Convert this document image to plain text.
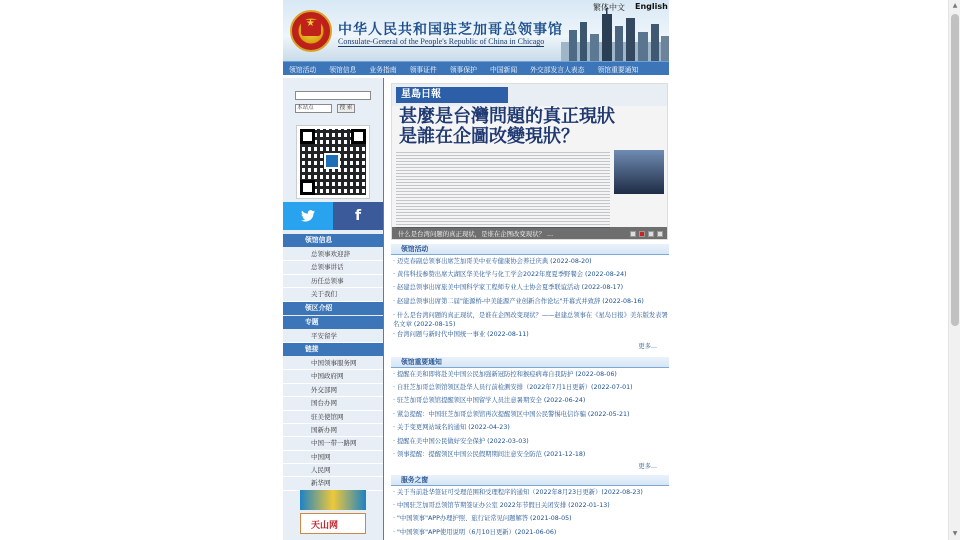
★ 中华人民共和国驻芝加哥总领事馆
Consulate-General of the People's Republic of China in Chicago
繁体中文 English
领馆活动 领馆信息 业务指南 领事证件 领事保护 中国新闻 外交部发言人表态 领馆重要通知
本站点	搜 索
f
领馆信息
总领事欢迎辞
总领事讲话
历任总领事
关于我们
领区介绍
专题
平安留学
链接
中国领事服务网
中国政府网
外交部网
国台办网
驻美使馆网
国新办网
中国一带一路网
中国网
人民网
新华网
天山网
星島日報
甚麼是台灣問題的真正現狀
是誰在企圖改變現狀？
什么是台湾问题的真正现状，是谁在企图改变现状？ ...
领馆活动
· 迈克春副总领事出席芝加哥美中亚专健康协会养迁庆典 (2022-08-20)
· 黄伟科技参赞出席大湖区华美化学与化工学会2022年度夏季野餐会 (2022-08-24)
· 赵建总领事出席旅美中国科学家工程师专业人士协会夏季联谊活动 (2022-08-17)
· 赵建总领事出席第二届"能源桥-中美能源产业创新合作论坛"开幕式并致辞 (2022-08-16)
· 什么是台湾问题的真正现状，是谁在企图改变现状？——赵建总领事在《星岛日报》美东版发表署名文章 (2022-08-15)
· 台湾问题与新时代中国统一事业 (2022-08-11)
更多...
领馆重要通知
· 提醒在美和即将赴美中国公民加强新冠防控和猴痘病毒自我防护 (2022-08-06)
· 自驻芝加哥总领馆领区赴华人员行前检测安排（2022年7月1日更新）(2022-07-01)
· 驻芝加哥总领馆提醒领区中国留学人员注意暑期安全 (2022-06-24)
· 紧急提醒：中国驻芝加哥总领馆再次提醒领区中国公民警惕电信诈骗 (2022-05-21)
· 关于变更网站域名的通知 (2022-04-23)
· 提醒在美中国公民做好安全保护 (2022-03-03)
· 领事提醒：提醒领区中国公民假期期间注意安全防范 (2021-12-18)
更多...
服务之窗
· 关于当前赴华签证可受理范围和受理程序的通知（2022年8月23日更新）(2022-08-23)
· 中国驻芝加哥总领馆节期签证办公室 2022年节假日关闭安排 (2022-01-13)
· "中国领事"APP办理护照、旅行证常见问题解答 (2021-08-05)
· "中国领事"APP使用说明（6月10日更新）(2021-06-06)
▲
▼
